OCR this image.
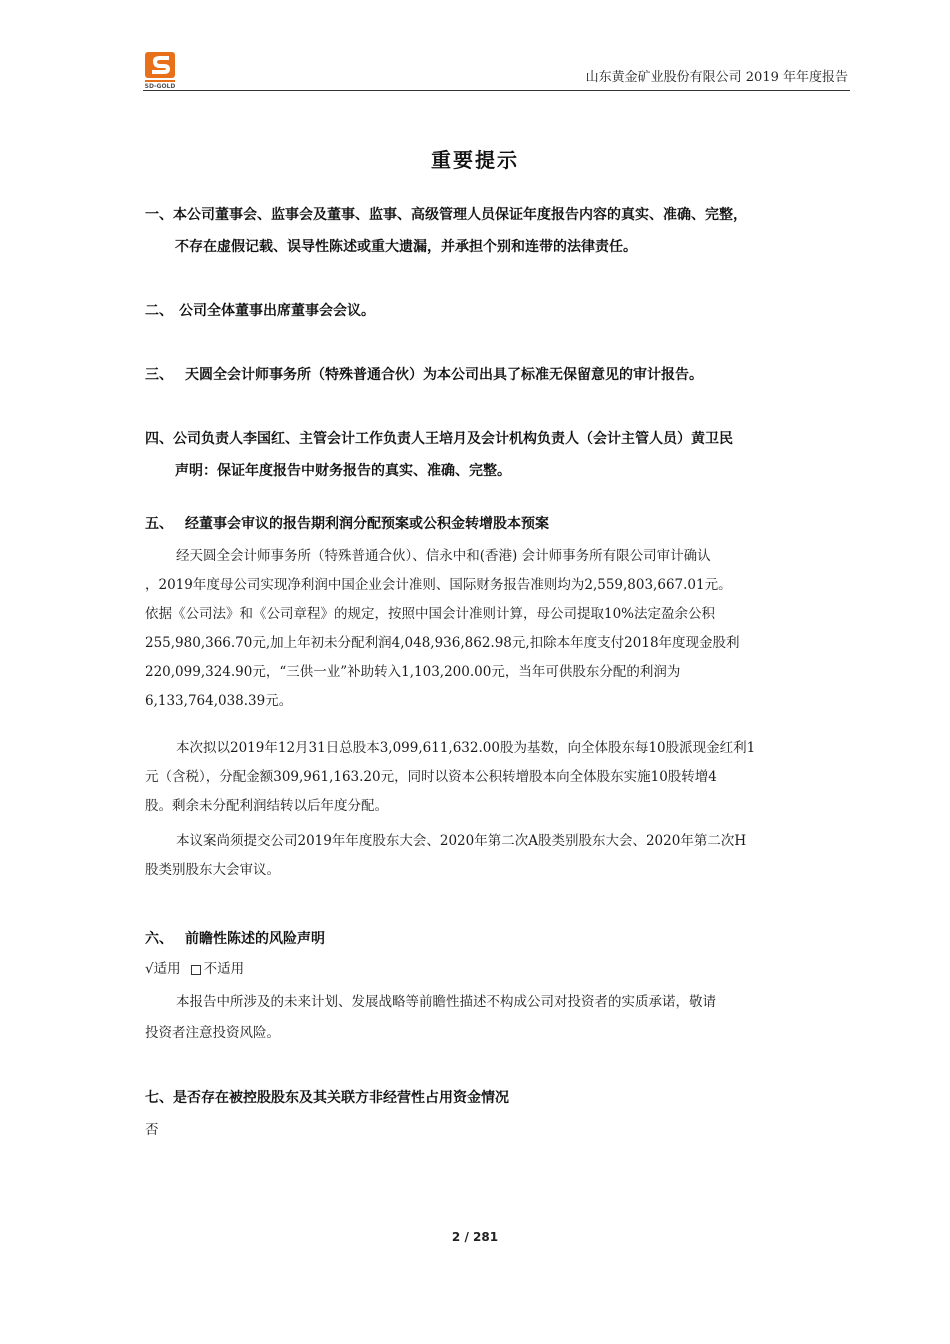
SD-GOLD
山东黄金矿业股份有限公司 2019 年年度报告
重要提示
一、本公司董事会、监事会及董事、监事、高级管理人员保证年度报告内容的真实、准确、完整，
不存在虚假记载、误导性陈述或重大遗漏，并承担个别和连带的法律责任。
二、 公司全体董事出席董事会会议。
三、 天圆全会计师事务所（特殊普通合伙）为本公司出具了标准无保留意见的审计报告。
四、公司负责人李国红、主管会计工作负责人王培月及会计机构负责人（会计主管人员）黄卫民
声明：保证年度报告中财务报告的真实、准确、完整。
五、 经董事会审议的报告期利润分配预案或公积金转增股本预案
经天圆全会计师事务所（特殊普通合伙）、信永中和(香港) 会计师事务所有限公司审计确认
，2019年度母公司实现净利润中国企业会计准则、国际财务报告准则均为2,559,803,667.01元。
依据《公司法》和《公司章程》的规定，按照中国会计准则计算，母公司提取10%法定盈余公积
255,980,366.70元,加上年初未分配利润4,048,936,862.98元,扣除本年度支付2018年度现金股利
220,099,324.90元，“三供一业”补助转入1,103,200.00元，当年可供股东分配的利润为
6,133,764,038.39元。
本次拟以2019年12月31日总股本3,099,611,632.00股为基数，向全体股东每10股派现金红利1
元（含税），分配金额309,961,163.20元，同时以资本公积转增股本向全体股东实施10股转增4
股。剩余未分配利润结转以后年度分配。
本议案尚须提交公司2019年年度股东大会、2020年第二次A股类别股东大会、2020年第二次H
股类别股东大会审议。
六、 前瞻性陈述的风险声明
√适用 不适用
本报告中所涉及的未来计划、发展战略等前瞻性描述不构成公司对投资者的实质承诺，敬请
投资者注意投资风险。
七、是否存在被控股股东及其关联方非经营性占用资金情况
否
2 / 281
